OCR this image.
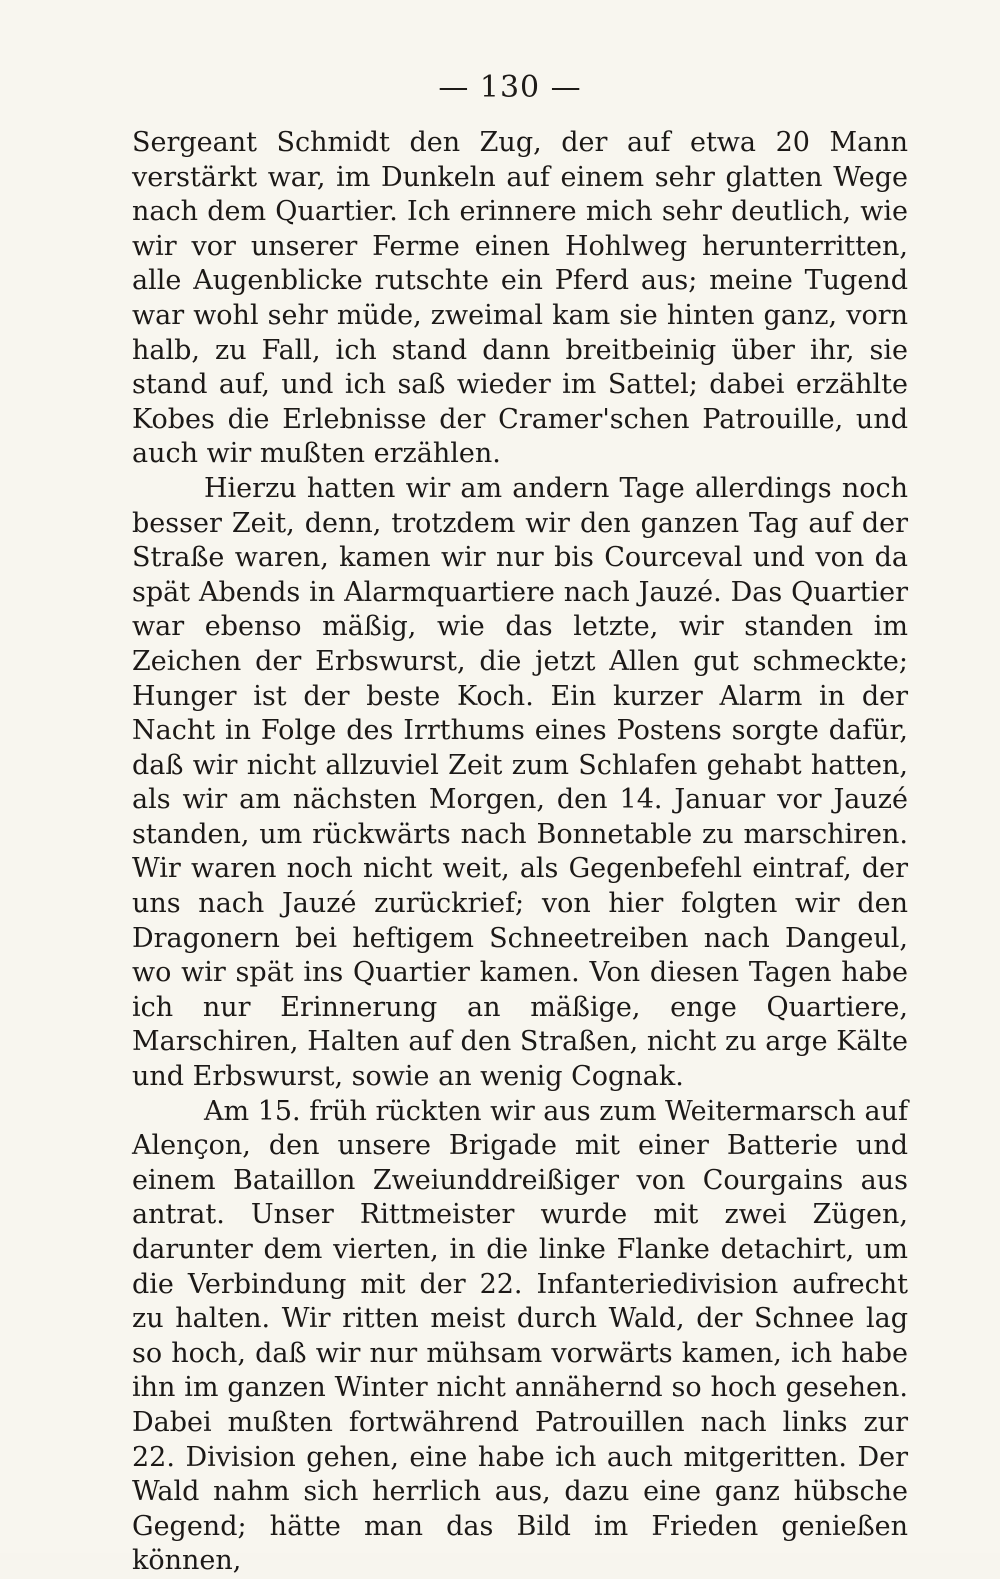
— 130 —

Sergeant Schmidt den Zug, der auf etwa 20 Mann verstärkt war, im Dunkeln auf einem sehr glatten Wege nach dem Quartier. Ich erinnere mich sehr deutlich, wie wir vor unserer Ferme einen Hohlweg herunterritten, alle Augenblicke rutschte ein Pferd aus; meine Tugend war wohl sehr müde, zweimal kam sie hinten ganz, vorn halb, zu Fall, ich stand dann breitbeinig über ihr, sie stand auf, und ich saß wieder im Sattel; dabei erzählte Kobes die Erlebnisse der Cramer'schen Patrouille, und auch wir mußten erzählen.

Hierzu hatten wir am andern Tage allerdings noch besser Zeit, denn, trotzdem wir den ganzen Tag auf der Straße waren, kamen wir nur bis Courceval und von da spät Abends in Alarmquartiere nach Jauzé. Das Quartier war ebenso mäßig, wie das letzte, wir standen im Zeichen der Erbswurst, die jetzt Allen gut schmeckte; Hunger ist der beste Koch. Ein kurzer Alarm in der Nacht in Folge des Irrthums eines Postens sorgte dafür, daß wir nicht allzuviel Zeit zum Schlafen gehabt hatten, als wir am nächsten Morgen, den 14. Januar vor Jauzé standen, um rückwärts nach Bonnetable zu marschiren. Wir waren noch nicht weit, als Gegenbefehl eintraf, der uns nach Jauzé zurückrief; von hier folgten wir den Dragonern bei heftigem Schneetreiben nach Dangeul, wo wir spät ins Quartier kamen. Von diesen Tagen habe ich nur Erinnerung an mäßige, enge Quartiere, Marschiren, Halten auf den Straßen, nicht zu arge Kälte und Erbswurst, sowie an wenig Cognak.

Am 15. früh rückten wir aus zum Weitermarsch auf Alençon, den unsere Brigade mit einer Batterie und einem Bataillon Zweiunddreißiger von Courgains aus antrat. Unser Rittmeister wurde mit zwei Zügen, darunter dem vierten, in die linke Flanke detachirt, um die Verbindung mit der 22. Infanteriedivision aufrecht zu halten. Wir ritten meist durch Wald, der Schnee lag so hoch, daß wir nur mühsam vorwärts kamen, ich habe ihn im ganzen Winter nicht annähernd so hoch gesehen. Dabei mußten fortwährend Patrouillen nach links zur 22. Division gehen, eine habe ich auch mitgeritten. Der Wald nahm sich herrlich aus, dazu eine ganz hübsche Gegend; hätte man das Bild im Frieden genießen können,
